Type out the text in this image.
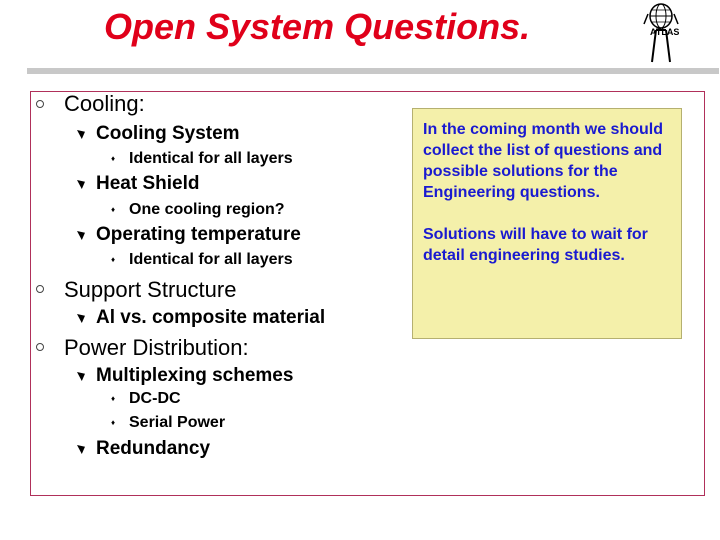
Open System Questions.	ATLAS
Cooling:
Cooling System
♦ Identical for all layers
Heat Shield
♦ One cooling region?
Operating temperature
♦ Identical for all layers
Support Structure
Al vs. composite material
Power Distribution:
Multiplexing schemes
♦ DC-DC
♦ Serial Power
Redundancy

In the coming month we should collect the list of questions and possible solutions for the Engineering questions.

Solutions will have to wait for detail engineering studies.
